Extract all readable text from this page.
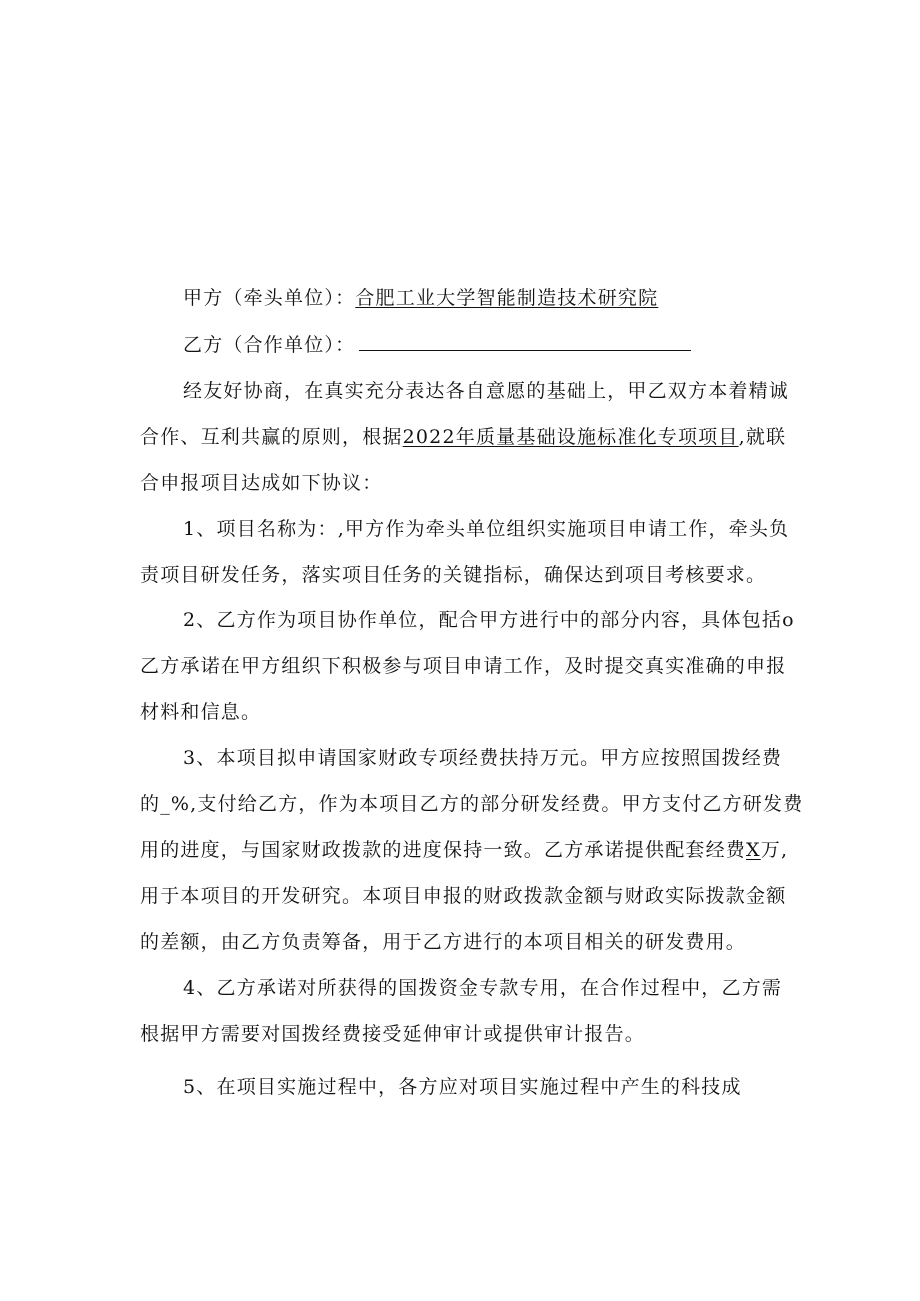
甲方（牵头单位）：合肥工业大学智能制造技术研究院
乙方（合作单位）：
经友好协商，在真实充分表达各自意愿的基础上，甲乙双方本着精诚
合作、互利共赢的原则，根据2022年质量基础设施标准化专项项目,就联
合申报项目达成如下协议：
1、项目名称为：,甲方作为牵头单位组织实施项目申请工作，牵头负
责项目研发任务，落实项目任务的关键指标，确保达到项目考核要求。
2、乙方作为项目协作单位，配合甲方进行中的部分内容，具体包括o
乙方承诺在甲方组织下积极参与项目申请工作，及时提交真实准确的申报
材料和信息。
3、本项目拟申请国家财政专项经费扶持万元。甲方应按照国拨经费
的_%,支付给乙方，作为本项目乙方的部分研发经费。甲方支付乙方研发费
用的进度，与国家财政拨款的进度保持一致。乙方承诺提供配套经费X万,
用于本项目的开发研究。本项目申报的财政拨款金额与财政实际拨款金额
的差额，由乙方负责筹备，用于乙方进行的本项目相关的研发费用。
4、乙方承诺对所获得的国拨资金专款专用，在合作过程中，乙方需
根据甲方需要对国拨经费接受延伸审计或提供审计报告。
5、在项目实施过程中，各方应对项目实施过程中产生的科技成
